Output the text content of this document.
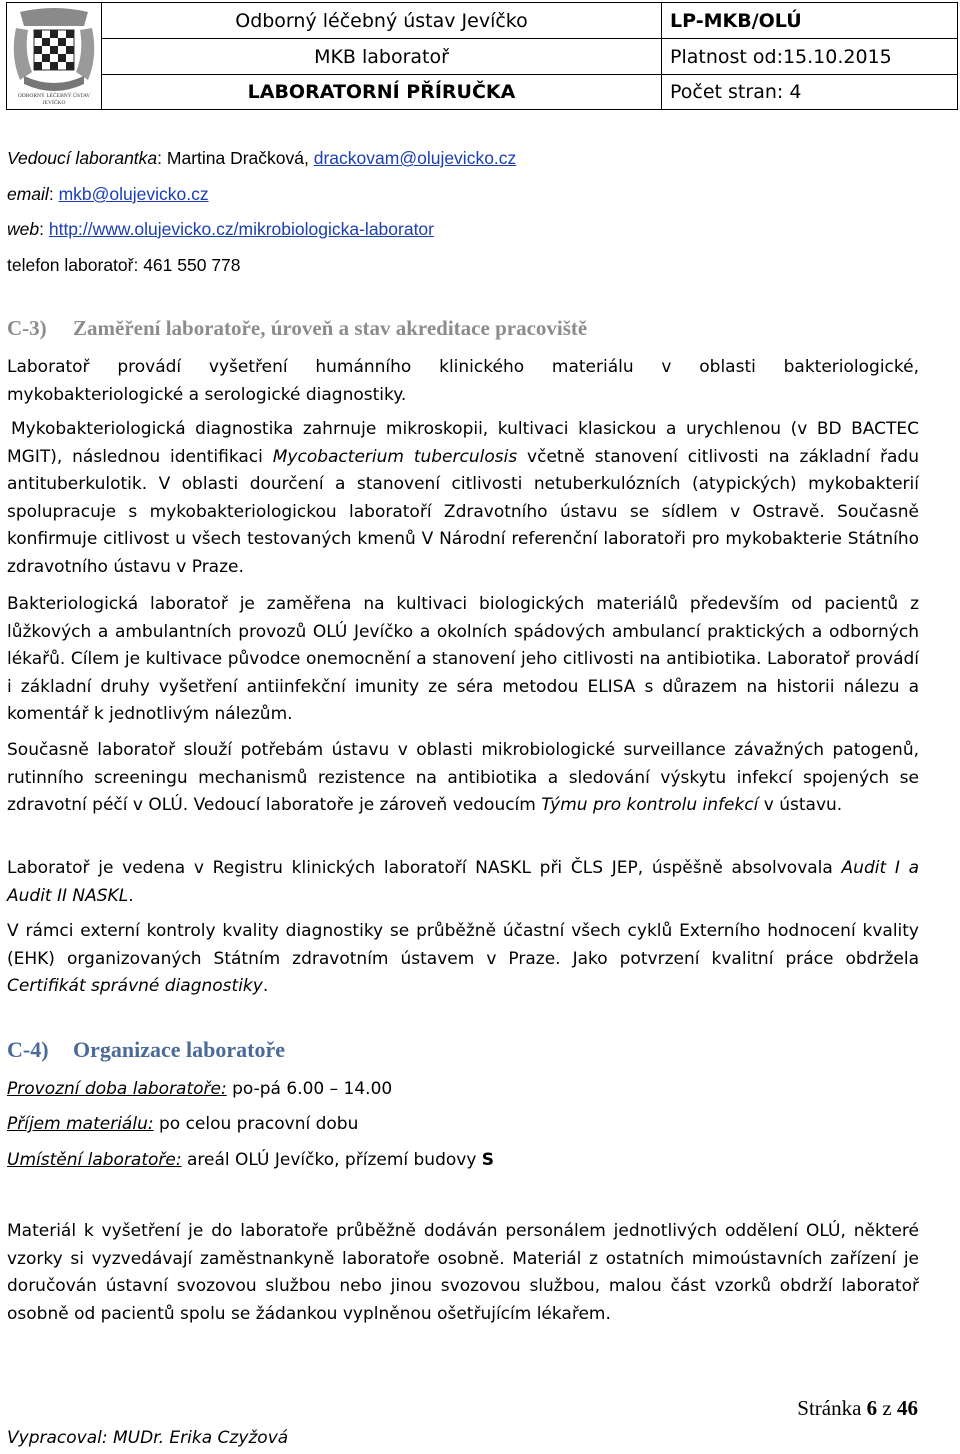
ODBORNÝ LÉČEBNÝ ÚSTAV
JEVÍČKO
Odborný léčebný ústav Jevíčko	LP-MKB/OLÚ
MKB laboratoř	Platnost od:15.10.2015
LABORATORNÍ PŘÍRUČKA	Počet stran: 4
Vedoucí laborantka: Martina Dračková, drackovam@olujevicko.cz
email: mkb@olujevicko.cz
web: http://www.olujevicko.cz/mikrobiologicka-laborator
telefon laboratoř: 461 550 778
C-3) Zaměření laboratoře, úroveň a stav akreditace pracoviště
Laboratoř provádí vyšetření humánního klinického materiálu v oblasti bakteriologické, mykobakteriologické a serologické diagnostiky.
Mykobakteriologická diagnostika zahrnuje mikroskopii, kultivaci klasickou a urychlenou (v BD BACTEC MGIT), následnou identifikaci Mycobacterium tuberculosis včetně stanovení citlivosti na základní řadu antituberkulotik. V oblasti dourčení a stanovení citlivosti netuberkulózních (atypických) mykobakterií spolupracuje s mykobakteriologickou laboratoří Zdravotního ústavu se sídlem v Ostravě. Současně konfirmuje citlivost u všech testovaných kmenů V Národní referenční laboratoři pro mykobakterie Státního zdravotního ústavu v Praze.
Bakteriologická laboratoř je zaměřena na kultivaci biologických materiálů především od pacientů z lůžkových a ambulantních provozů OLÚ Jevíčko a okolních spádových ambulancí praktických a odborných lékařů. Cílem je kultivace původce onemocnění a stanovení jeho citlivosti na antibiotika. Laboratoř provádí i základní druhy vyšetření antiinfekční imunity ze séra metodou ELISA s důrazem na historii nálezu a komentář k jednotlivým nálezům.
Současně laboratoř slouží potřebám ústavu v oblasti mikrobiologické surveillance závažných patogenů, rutinního screeningu mechanismů rezistence na antibiotika a sledování výskytu infekcí spojených se zdravotní péčí v OLÚ. Vedoucí laboratoře je zároveň vedoucím Týmu pro kontrolu infekcí v ústavu.
Laboratoř je vedena v Registru klinických laboratoří NASKL při ČLS JEP, úspěšně absolvovala Audit I a Audit II NASKL.
V rámci externí kontroly kvality diagnostiky se průběžně účastní všech cyklů Externího hodnocení kvality (EHK) organizovaných Státním zdravotním ústavem v Praze. Jako potvrzení kvalitní práce obdržela Certifikát správné diagnostiky.
C-4) Organizace laboratoře
Provozní doba laboratoře: po-pá 6.00 – 14.00
Příjem materiálu: po celou pracovní dobu
Umístění laboratoře: areál OLÚ Jevíčko, přízemí budovy S
Materiál k vyšetření je do laboratoře průběžně dodáván personálem jednotlivých oddělení OLÚ, některé vzorky si vyzvedávají zaměstnankyně laboratoře osobně. Materiál z ostatních mimoústavních zařízení je doručován ústavní svozovou službou nebo jinou svozovou službou, malou část vzorků obdrží laboratoř osobně od pacientů spolu se žádankou vyplněnou ošetřujícím lékařem.
Stránka 6 z 46
Vypracoval: MUDr. Erika Czyžová
